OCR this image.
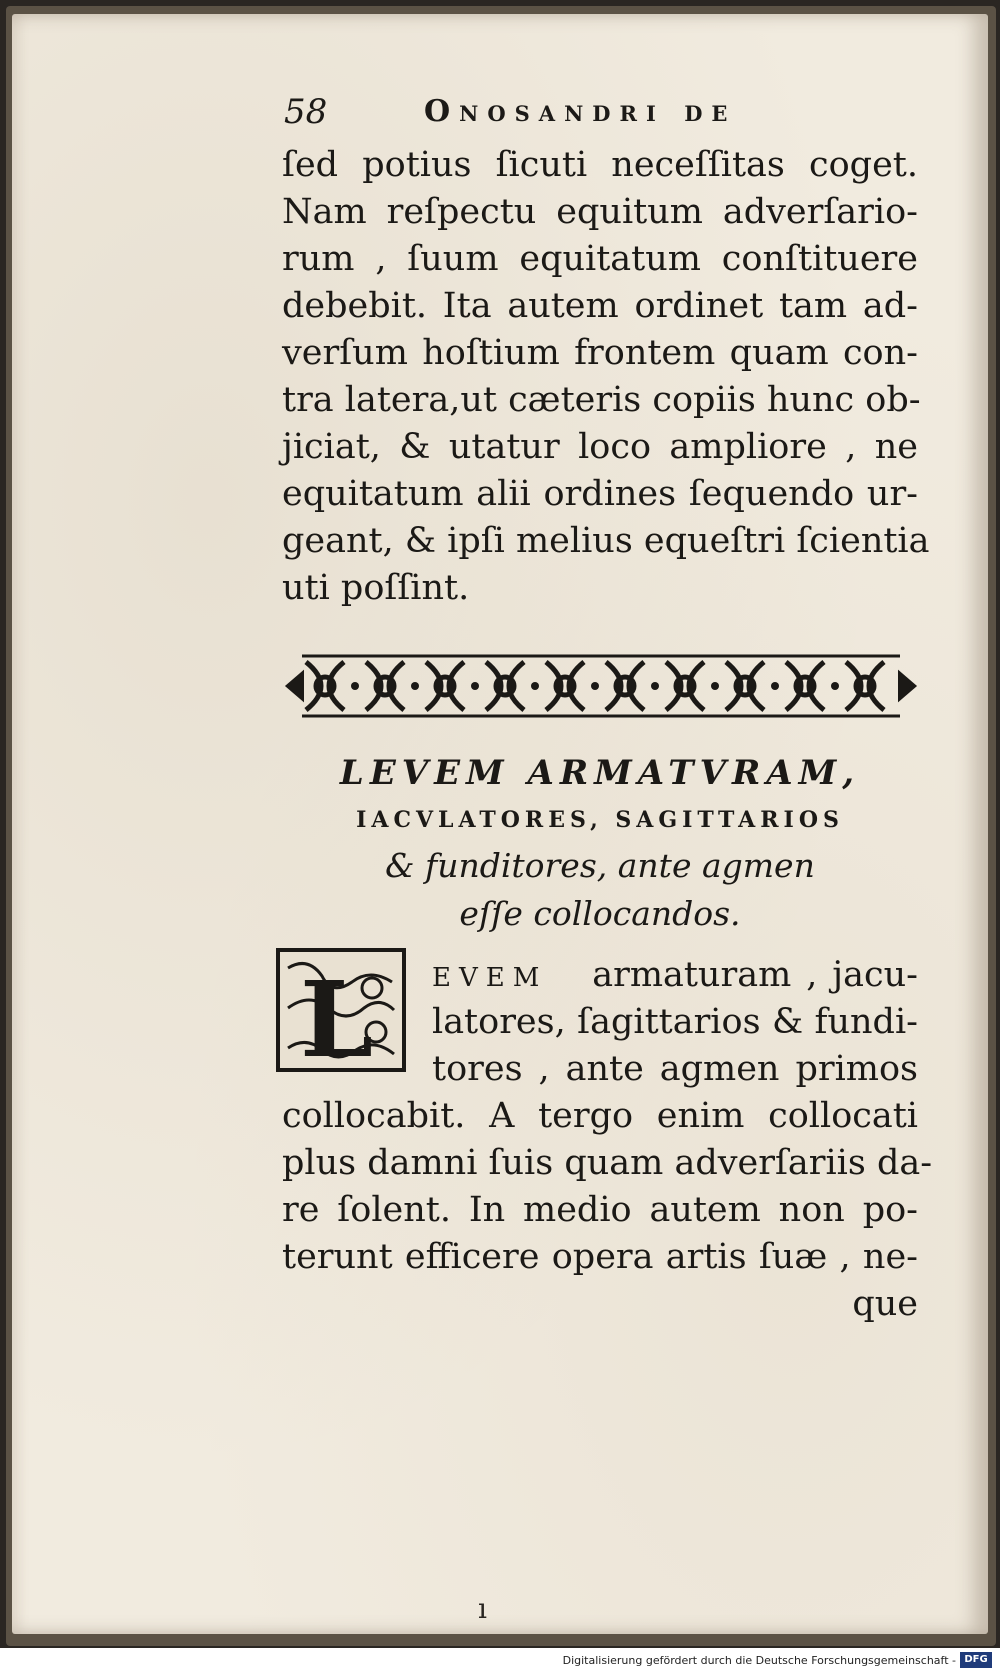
58	Onosandri de
ſed potius ſicuti neceſſitas coget.
Nam reſpectu equitum adverſario-
rum , ſuum equitatum conſtituere
debebit. Ita autem ordinet tam ad-
verſum hoſtium frontem quam con-
tra latera,ut cæteris copiis hunc ob-
jiciat, & utatur loco ampliore , ne
equitatum alii ordines ſequendo ur-
geant, & ipſi melius equeſtri ſcientia
uti poſſint.
LEVEM ARMATVRAM,
IACVLATORES, SAGITTARIOS
& funditores, ante agmen
eſſe collocandos.
L	EVEM armaturam , jacu-
latores, ſagittarios & fundi-
tores , ante agmen primos
collocabit. A tergo enim collocati
plus damni ſuis quam adverſariis da-
re ſolent. In medio autem non po-
terunt efficere opera artis ſuæ , ne-
que
ı
Digitalisierung gefördert durch die Deutsche Forschungsgemeinschaft - DFG
